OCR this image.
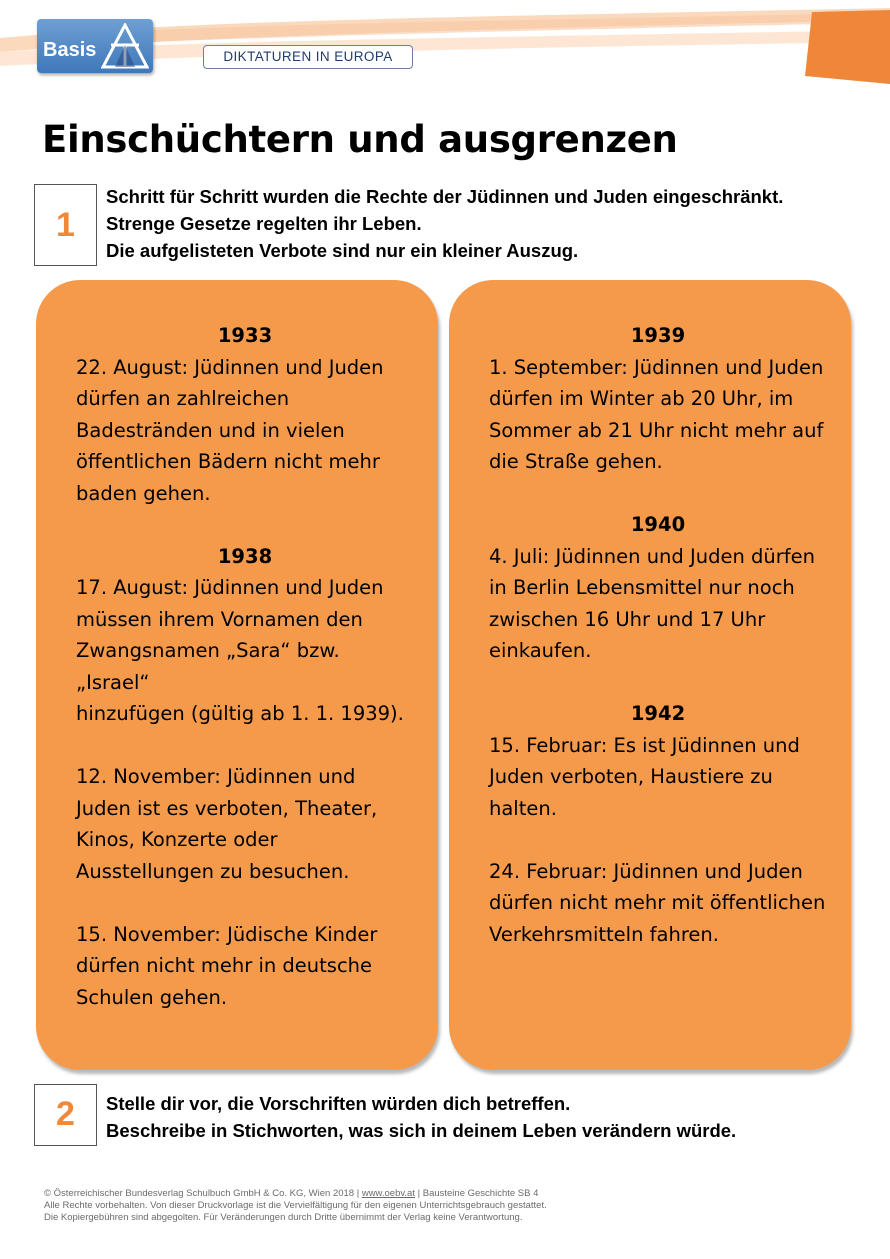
Basis	DIKTATUREN IN EUROPA
Einschüchtern und ausgrenzen
1
Schritt für Schritt wurden die Rechte der Jüdinnen und Juden eingeschränkt.
Strenge Gesetze regelten ihr Leben.
Die aufgelisteten Verbote sind nur ein kleiner Auszug.
1933
22. August: Jüdinnen und Juden
dürfen an zahlreichen
Badestränden und in vielen
öffentlichen Bädern nicht mehr
baden gehen.
1938
17. August: Jüdinnen und Juden
müssen ihrem Vornamen den
Zwangsnamen „Sara“ bzw. „Israel“
hinzufügen (gültig ab 1. 1. 1939).
12. November: Jüdinnen und
Juden ist es verboten, Theater,
Kinos, Konzerte oder
Ausstellungen zu besuchen.
15. November: Jüdische Kinder
dürfen nicht mehr in deutsche
Schulen gehen.
1939
1. September: Jüdinnen und Juden
dürfen im Winter ab 20 Uhr, im
Sommer ab 21 Uhr nicht mehr auf
die Straße gehen.
1940
4. Juli: Jüdinnen und Juden dürfen
in Berlin Lebensmittel nur noch
zwischen 16 Uhr und 17 Uhr
einkaufen.
1942
15. Februar: Es ist Jüdinnen und
Juden verboten, Haustiere zu
halten.
24. Februar: Jüdinnen und Juden
dürfen nicht mehr mit öffentlichen
Verkehrsmitteln fahren.
2	Stelle dir vor, die Vorschriften würden dich betreffen.
Beschreibe in Stichworten, was sich in deinem Leben verändern würde.
© Österreichischer Bundesverlag Schulbuch GmbH & Co. KG, Wien 2018 | www.oebv.at | Bausteine Geschichte SB 4
Alle Rechte vorbehalten. Von dieser Druckvorlage ist die Vervielfältigung für den eigenen Unterrichtsgebrauch gestattet.
Die Kopiergebühren sind abgegolten. Für Veränderungen durch Dritte übernimmt der Verlag keine Verantwortung.
